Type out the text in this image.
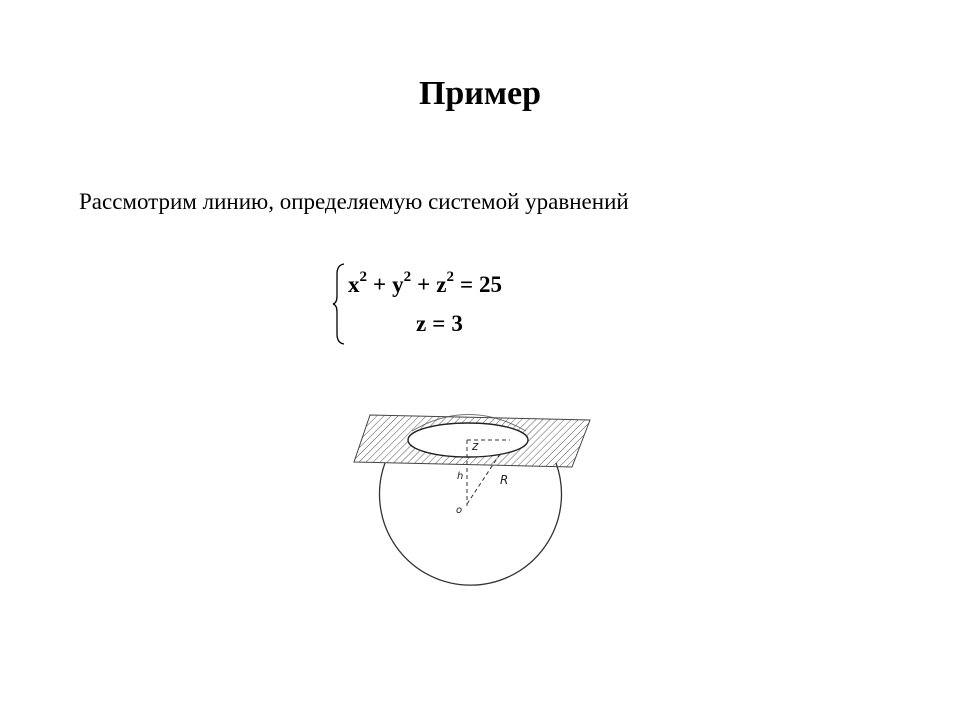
Пример
Рассмотрим линию, определяемую системой уравнений
$x^2 + y^2 + z^2 = 25$
z = 3
z
h	R
o
